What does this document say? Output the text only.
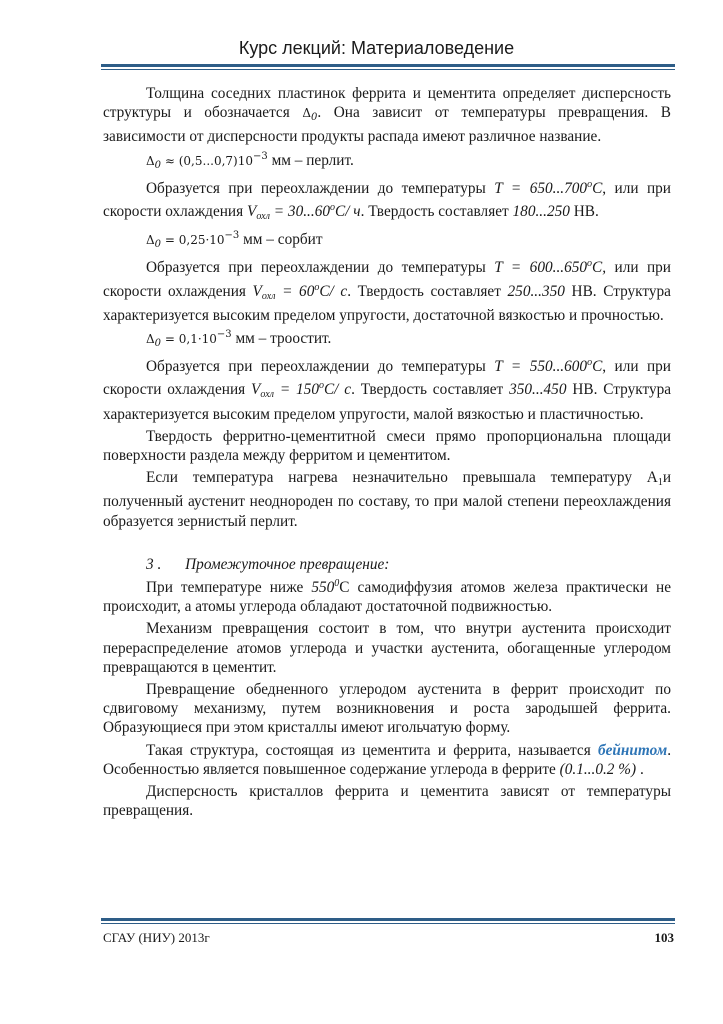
Курс лекций: Материаловедение

Толщина соседних пластинок феррита и цементита определяет дисперсность структуры и обозначается $\Delta_0$. Она зависит от температуры превращения. В зависимости от дисперсности продукты распада имеют различное название.

$\Delta_0 \approx (0,5...0,7)10^{-3}$ мм – перлит.

Образуется при переохлаждении до температуры $T = 650...700^oC$, или при скорости охлаждения $V_{охл} = 30...60^oC/$ ч. Твердость составляет 180...250 HB.

$\Delta_0 = 0,25\cdot 10^{-3}$ мм – сорбит

Образуется при переохлаждении до температуры $T = 600...650^oC$, или при скорости охлаждения $V_{охл} = 60^oC/$ с. Твердость составляет 250...350 HB. Структура характеризуется высоким пределом упругости, достаточной вязкостью и прочностью.

$\Delta_0 = 0,1\cdot 10^{-3}$ мм – троостит.

Образуется при переохлаждении до температуры $T = 550...600^oC$, или при скорости охлаждения $V_{охл} = 150^oC/$ с. Твердость составляет 350...450 HB. Структура характеризуется высоким пределом упругости, малой вязкостью и пластичностью.

Твердость ферритно-цементитной смеси прямо пропорциональна площади поверхности раздела между ферритом и цементитом.

Если температура нагрева незначительно превышала температуру $А_1и$ полученный аустенит неоднороден по составу, то при малой степени переохлаждения образуется зернистый перлит.

3 . Промежуточное превращение:

При температуре ниже $550^0С$ самодиффузия атомов железа практически не происходит, а атомы углерода обладают достаточной подвижностью.

Механизм превращения состоит в том, что внутри аустенита происходит перераспределение атомов углерода и участки аустенита, обогащенные углеродом превращаются в цементит.

Превращение обедненного углеродом аустенита в феррит происходит по сдвиговому механизму, путем возникновения и роста зародышей феррита. Образующиеся при этом кристаллы имеют игольчатую форму.

Такая структура, состоящая из цементита и феррита, называется бейнитом. Особенностью является повышенное содержание углерода в феррите (0.1...0.2 %) .

Дисперсность кристаллов феррита и цементита зависят от температуры превращения.

СГАУ (НИУ) 2013г	103
